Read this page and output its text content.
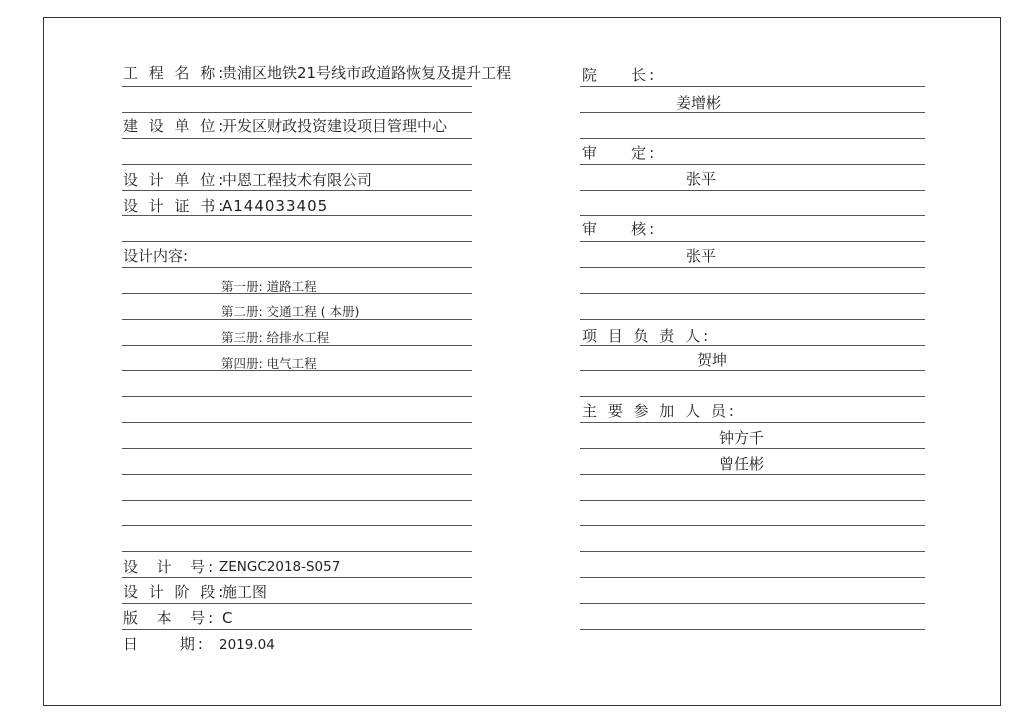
工 程 名 称:
贵浦区地铁21号线市政道路恢复及提升工程
建 设 单 位:
开发区财政投资建设项目管理中心
设 计 单 位:
中恩工程技术有限公司
设 计 证 书:
A144033405
设计内容:
第一册: 道路工程
第二册: 交通工程 ( 本册)
第三册: 给排水工程
第四册: 电气工程
设  计  号: ZENGC2018-S057
设 计 阶 段:
施工图
版  本  号: C
日     期: 2019.04
院    长:
姜增彬
审    定:
张平
审    核:
张平
项 目 负 责 人:
贺坤
主 要 参 加 人 员:
钟方千
曾任彬
